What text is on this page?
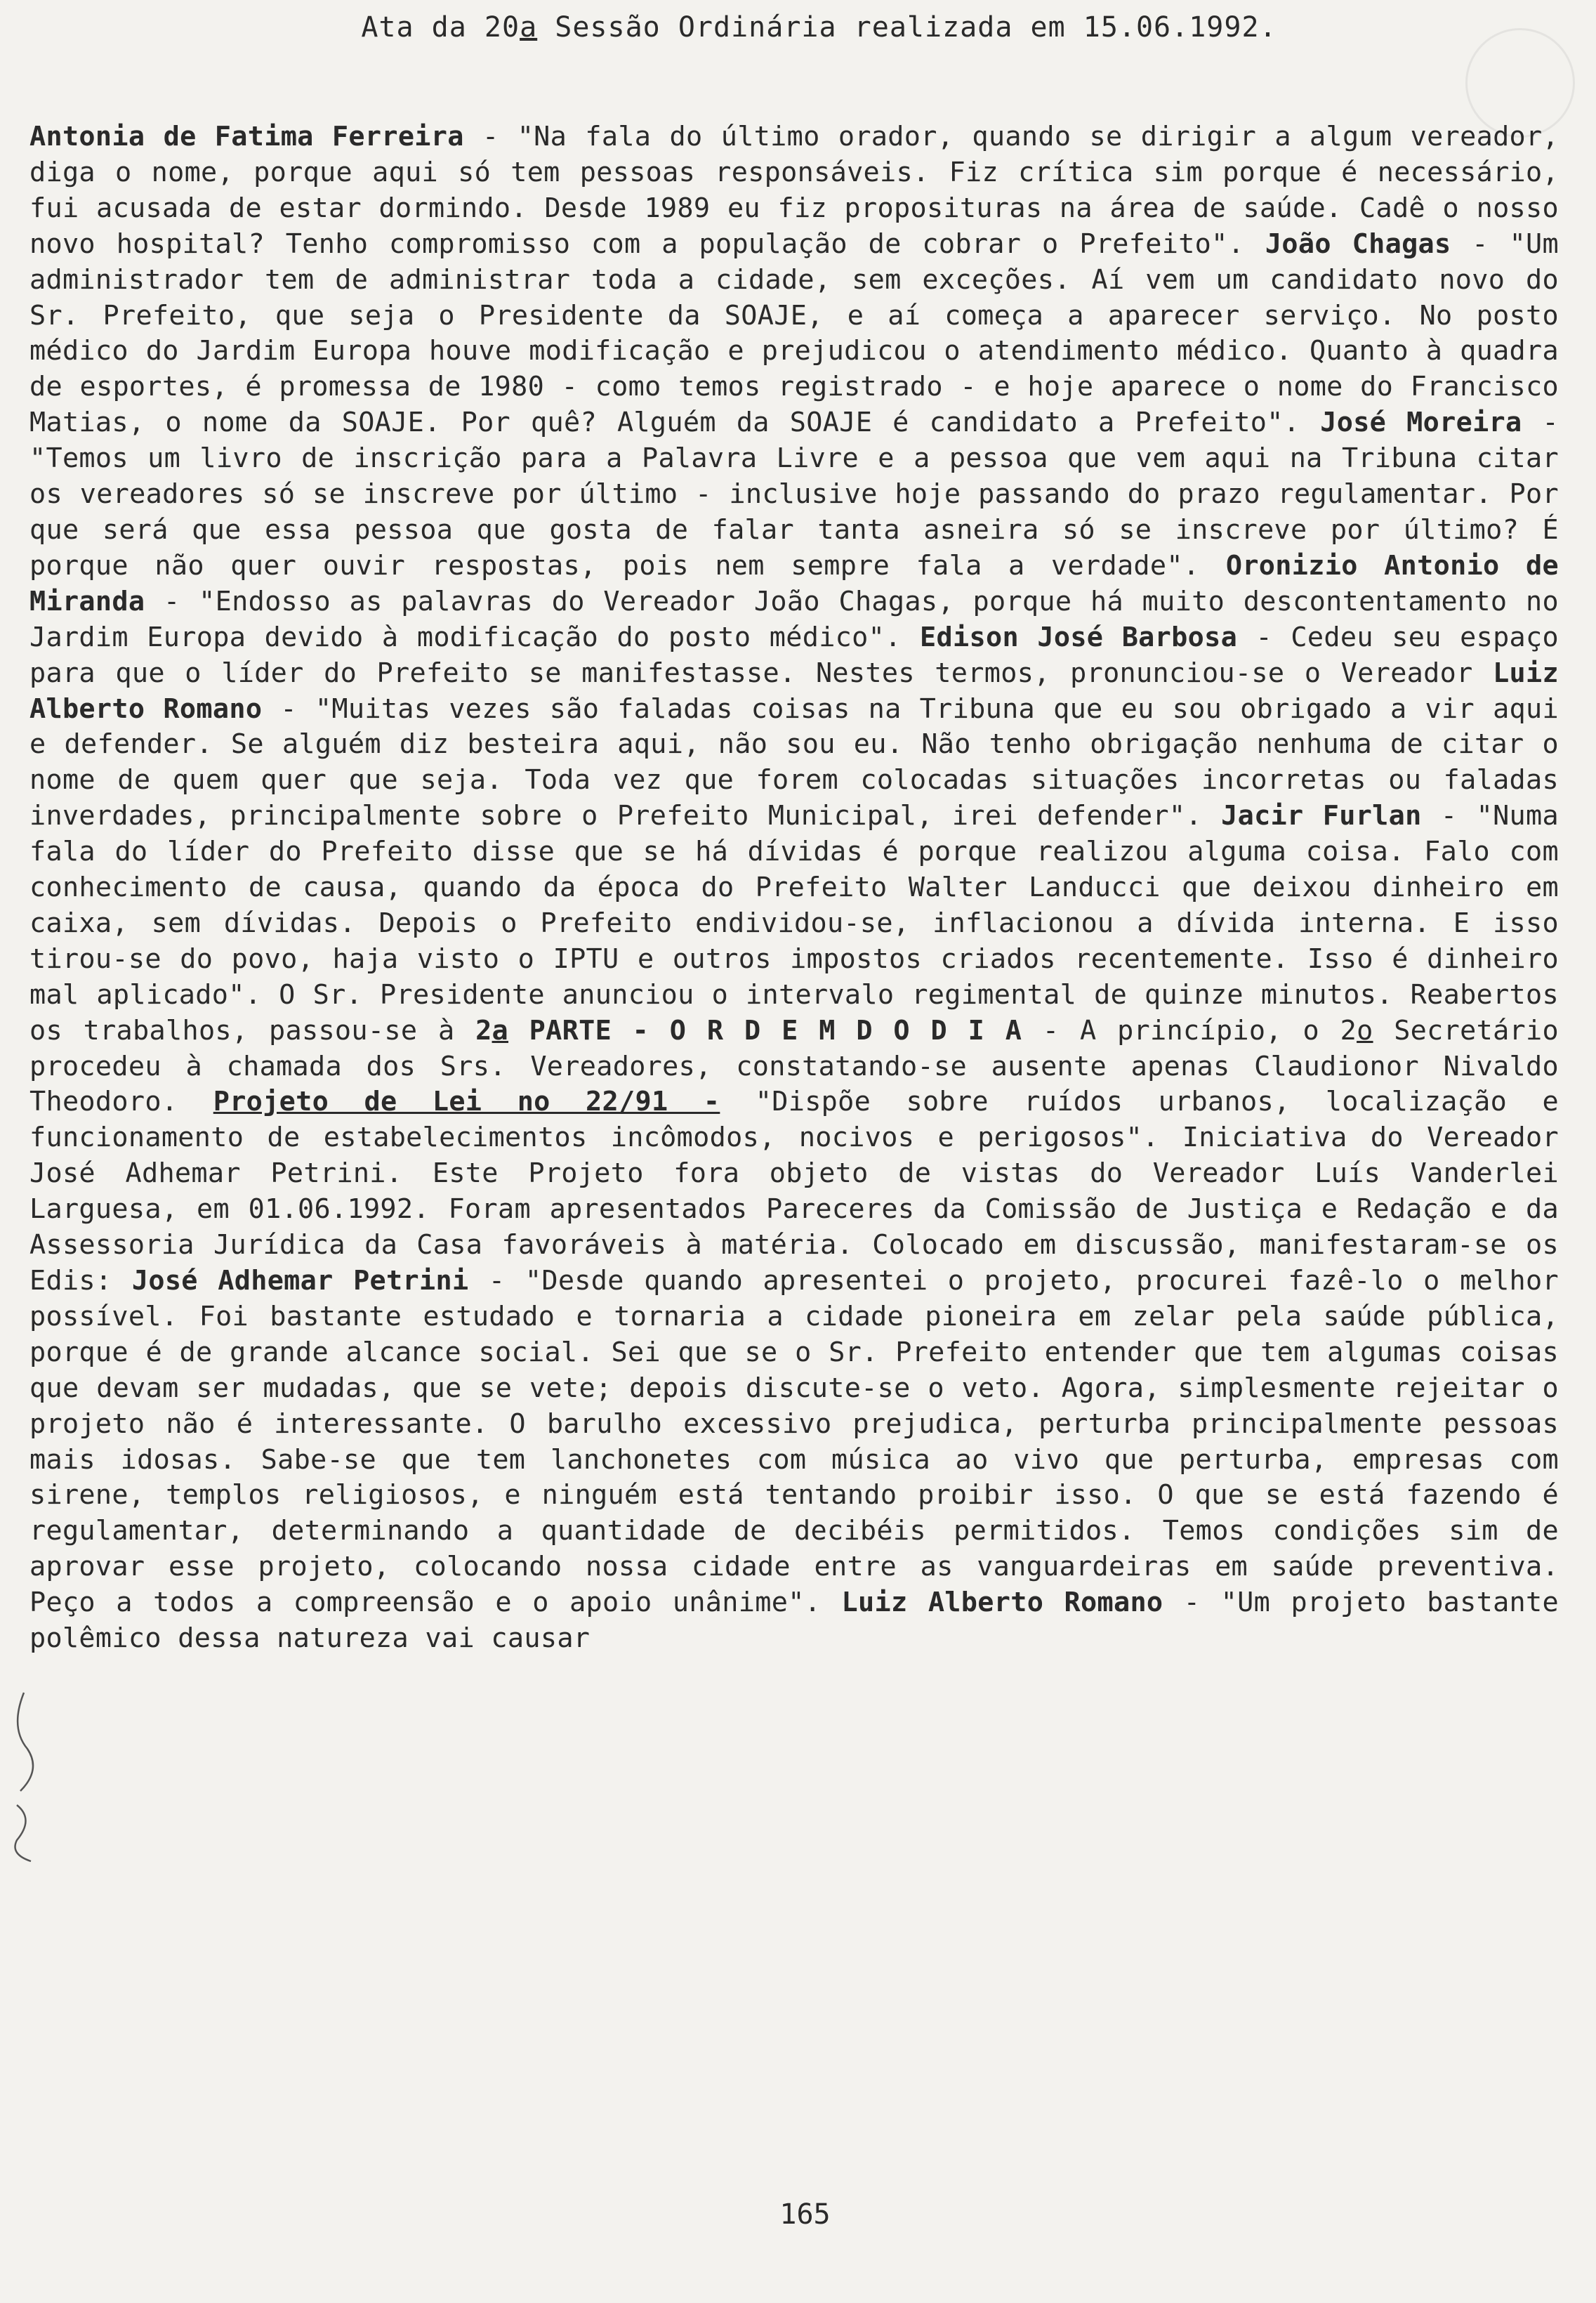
Ata da 20a Sessão Ordinária realizada em 15.06.1992.
Antonia de Fatima Ferreira - "Na fala do último orador, quando se dirigir a algum vereador, diga o nome, porque aqui só tem pessoas responsáveis. Fiz crítica sim porque é necessário, fui acusada de estar dormindo. Desde 1989 eu fiz proposituras na área de saúde. Cadê o nosso novo hospital? Tenho compromisso com a população de cobrar o Prefeito". João Chagas - "Um administrador tem de administrar toda a cidade, sem exceções. Aí vem um candidato novo do Sr. Prefeito, que seja o Presidente da SOAJE, e aí começa a aparecer serviço. No posto médico do Jardim Europa houve modificação e prejudicou o atendimento médico. Quanto à quadra de esportes, é promessa de 1980 - como temos registrado - e hoje aparece o nome do Francisco Matias, o nome da SOAJE. Por quê? Alguém da SOAJE é candidato a Prefeito". José Moreira - "Temos um livro de inscrição para a Palavra Livre e a pessoa que vem aqui na Tribuna citar os vereadores só se inscreve por último - inclusive hoje passando do prazo regulamentar. Por que será que essa pessoa que gosta de falar tanta asneira só se inscreve por último? É porque não quer ouvir respostas, pois nem sempre fala a verdade". Oronizio Antonio de Miranda - "Endosso as palavras do Vereador João Chagas, porque há muito descontentamento no Jardim Europa devido à modificação do posto médico". Edison José Barbosa - Cedeu seu espaço para que o líder do Prefeito se manifestasse. Nestes termos, pronunciou-se o Vereador Luiz Alberto Romano - "Muitas vezes são faladas coisas na Tribuna que eu sou obrigado a vir aqui e defender. Se alguém diz besteira aqui, não sou eu. Não tenho obrigação nenhuma de citar o nome de quem quer que seja. Toda vez que forem colocadas situações incorretas ou faladas inverdades, principalmente sobre o Prefeito Municipal, irei defender". Jacir Furlan - "Numa fala do líder do Prefeito disse que se há dívidas é porque realizou alguma coisa. Falo com conhecimento de causa, quando da época do Prefeito Walter Landucci que deixou dinheiro em caixa, sem dívidas. Depois o Prefeito endividou-se, inflacionou a dívida interna. E isso tirou-se do povo, haja visto o IPTU e outros impostos criados recentemente. Isso é dinheiro mal aplicado". O Sr. Presidente anunciou o intervalo regimental de quinze minutos. Reabertos os trabalhos, passou-se à 2a PARTE - O R D E M D O D I A - A princípio, o 2o Secretário procedeu à chamada dos Srs. Vereadores, constatando-se ausente apenas Claudionor Nivaldo Theodoro. Projeto de Lei no 22/91 - "Dispõe sobre ruídos urbanos, localização e funcionamento de estabelecimentos incômodos, nocivos e perigosos". Iniciativa do Vereador José Adhemar Petrini. Este Projeto fora objeto de vistas do Vereador Luís Vanderlei Larguesa, em 01.06.1992. Foram apresentados Pareceres da Comissão de Justiça e Redação e da Assessoria Jurídica da Casa favoráveis à matéria. Colocado em discussão, manifestaram-se os Edis: José Adhemar Petrini - "Desde quando apresentei o projeto, procurei fazê-lo o melhor possível. Foi bastante estudado e tornaria a cidade pioneira em zelar pela saúde pública, porque é de grande alcance social. Sei que se o Sr. Prefeito entender que tem algumas coisas que devam ser mudadas, que se vete; depois discute-se o veto. Agora, simplesmente rejeitar o projeto não é interessante. O barulho excessivo prejudica, perturba principalmente pessoas mais idosas. Sabe-se que tem lanchonetes com música ao vivo que perturba, empresas com sirene, templos religiosos, e ninguém está tentando proibir isso. O que se está fazendo é regulamentar, determinando a quantidade de decibéis permitidos. Temos condições sim de aprovar esse projeto, colocando nossa cidade entre as vanguardeiras em saúde preventiva. Peço a todos a compreensão e o apoio unânime". Luiz Alberto Romano - "Um projeto bastante polêmico dessa natureza vai causar
165
